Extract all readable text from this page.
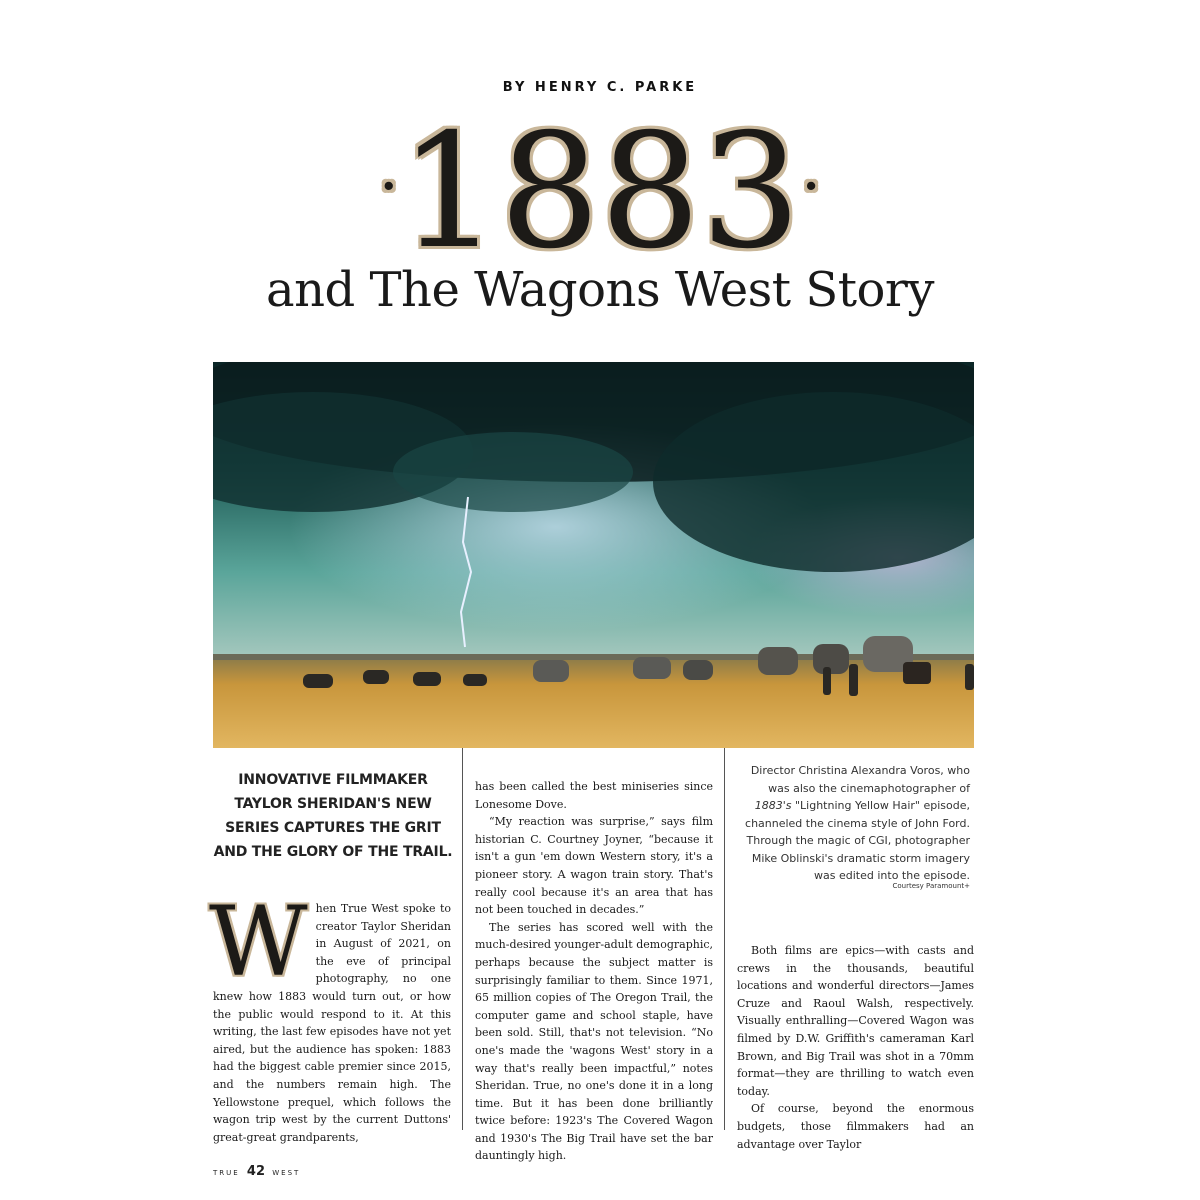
BY HENRY C. PARKE
·1883·
and The Wagons West Story
INNOVATIVE FILMMAKER TAYLOR SHERIDAN'S NEW SERIES CAPTURES THE GRIT AND THE GLORY OF THE TRAIL.
W hen True West spoke to creator Taylor Sheridan in August of 2021, on the eve of principal photography, no one knew how 1883 would turn out, or how the public would respond to it. At this writing, the last few episodes have not yet aired, but the audience has spoken: 1883 had the biggest cable premier since 2015, and the numbers remain high. The Yellowstone prequel, which follows the wagon trip west by the current Duttons' great-great grandparents,

has been called the best miniseries since Lonesome Dove.

“My reaction was surprise,” says film historian C. Courtney Joyner, “because it isn't a gun 'em down Western story, it's a pioneer story. A wagon train story. That's really cool because it's an area that has not been touched in decades.”

The series has scored well with the much-desired younger-adult demographic, perhaps because the subject matter is surprisingly familiar to them. Since 1971, 65 million copies of The Oregon Trail, the computer game and school staple, have been sold. Still, that's not television. “No one's made the 'wagons West' story in a way that's really been impactful,” notes Sheridan. True, no one's done it in a long time. But it has been done brilliantly twice before: 1923's The Covered Wagon and 1930's The Big Trail have set the bar dauntingly high.

Director Christina Alexandra Voros, who was also the cinemaphotographer of 1883's "Lightning Yellow Hair" episode, channeled the cinema style of John Ford. Through the magic of CGI, photographer Mike Oblinski's dramatic storm imagery was edited into the episode.
Courtesy Paramount+

Both films are epics—with casts and crews in the thousands, beautiful locations and wonderful directors—James Cruze and Raoul Walsh, respectively. Visually enthralling—Covered Wagon was filmed by D.W. Griffith's cameraman Karl Brown, and Big Trail was shot in a 70mm format—they are thrilling to watch even today.

Of course, beyond the enormous budgets, those filmmakers had an advantage over Taylor

TRUE 42 WEST
